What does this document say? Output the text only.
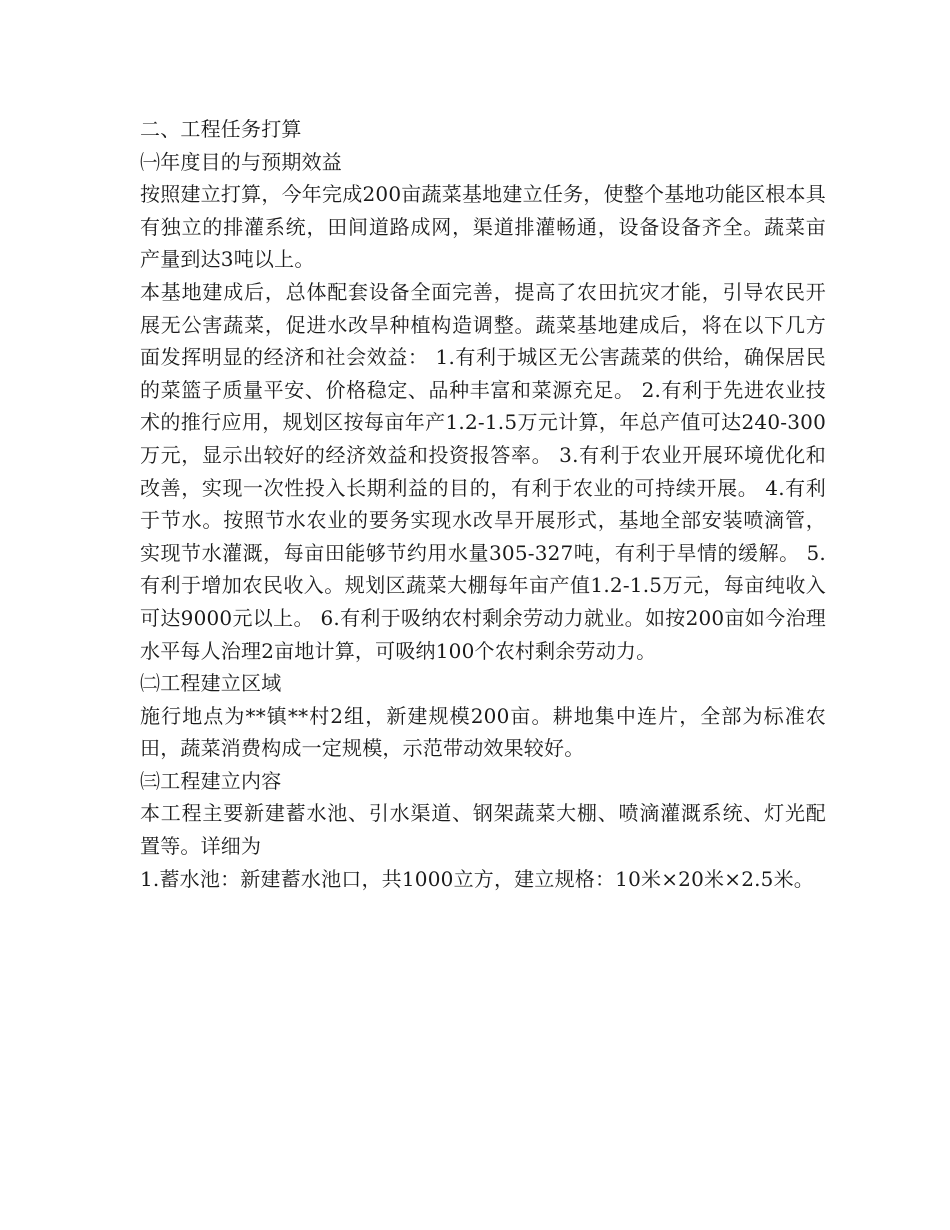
二、工程任务打算

㈠年度目的与预期效益

按照建立打算，今年完成200亩蔬菜基地建立任务，使整个基地功能区根本具有独立的排灌系统，田间道路成网，渠道排灌畅通，设备设备齐全。蔬菜亩产量到达3吨以上。

本基地建成后，总体配套设备全面完善，提高了农田抗灾才能，引导农民开展无公害蔬菜，促进水改旱种植构造调整。蔬菜基地建成后，将在以下几方面发挥明显的经济和社会效益： 1.有利于城区无公害蔬菜的供给，确保居民的菜篮子质量平安、价格稳定、品种丰富和菜源充足。 2.有利于先进农业技术的推行应用，规划区按每亩年产1.2-1.5万元计算，年总产值可达240-300万元，显示出较好的经济效益和投资报答率。 3.有利于农业开展环境优化和改善，实现一次性投入长期利益的目的，有利于农业的可持续开展。 4.有利于节水。按照节水农业的要务实现水改旱开展形式，基地全部安装喷滴管，实现节水灌溉，每亩田能够节约用水量305-327吨，有利于旱情的缓解。 5.有利于增加农民收入。规划区蔬菜大棚每年亩产值1.2-1.5万元，每亩纯收入可达9000元以上。 6.有利于吸纳农村剩余劳动力就业。如按200亩如今治理水平每人治理2亩地计算，可吸纳100个农村剩余劳动力。

㈡工程建立区域

施行地点为**镇**村2组，新建规模200亩。耕地集中连片，全部为标准农田，蔬菜消费构成一定规模，示范带动效果较好。

㈢工程建立内容

本工程主要新建蓄水池、引水渠道、钢架蔬菜大棚、喷滴灌溉系统、灯光配置等。详细为

1.蓄水池：新建蓄水池口，共1000立方，建立规格：10米×20米×2.5米。
